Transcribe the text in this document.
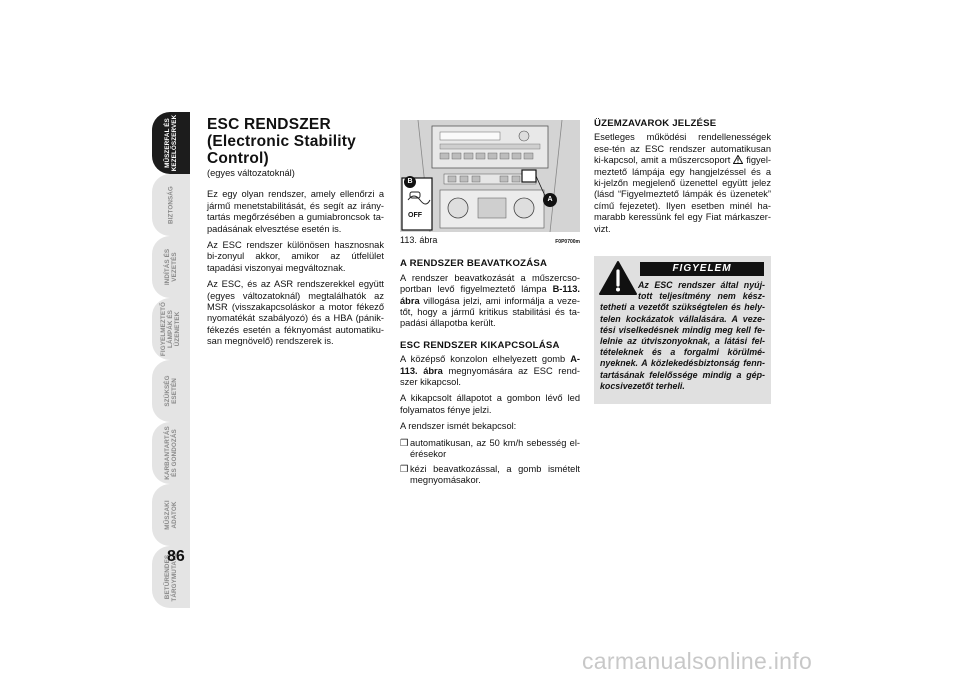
MŰSZERFAL ÉS
KEZELŐSZERVEK
BIZTONSÁG
INDÍTÁS ÉS
VEZETÉS
FIGYELMEZTETŐ
LÁMPÁK ÉS
ÜZENETEK
SZÜKSÉG
ESETÉN
KARBANTARTÁS
ÉS GONDOZÁS
MŰSZAKI
ADATOK
BETŰRENDES
TÁRGYMUTATÓ
86
ESC RENDSZER (Electronic Stability Control)
(egyes változatoknál)

Ez egy olyan rendszer, amely ellenőrzi a jármű menetstabilitását, és segít az irány-tartás megőrzésében a gumiabroncsok ta-padásának elvesztése esetén is.

Az ESC rendszer különösen hasznosnak bi-zonyul akkor, amikor az útfelület tapadási viszonyai megváltoznak.

Az ESC, és az ASR rendszerekkel együtt (egyes változatoknál) megtalálhatók az MSR (visszakapcsoláskor a motor fékező nyomatékát szabályozó) és a HBA (pánik-fékezés esetén a féknyomást automatiku-san megnövelő) rendszerek is.

A
B
OFF
113. ábra	F0P0700m
A RENDSZER BEAVATKOZÁSA

A rendszer beavatkozását a műszercso-portban levő figyelmeztető lámpa B-113. ábra villogása jelzi, ami informálja a veze-tőt, hogy a jármű kritikus stabilitási és ta-padási állapotba került.

ESC RENDSZER KIKAPCSOLÁSA

A középső konzolon elhelyezett gomb A-113. ábra megnyomására az ESC rend-szer kikapcsol.

A kikapcsolt állapotot a gombon lévő led folyamatos fénye jelzi.

A rendszer ismét bekapcsol:

❒ automatikusan, az 50 km/h sebesség el-érésekor
❒ kézi beavatkozással, a gomb ismételt megnyomásakor.
ÜZEMZAVAROK JELZÉSE

Esetleges működési rendellenességek ese-tén az ESC rendszer automatikusan ki-kapcsol, amit a műszercsoport  figyel-meztető lámpája egy hangjelzéssel és a ki-jelzőn megjelenő üzenettel együtt jelez (lásd “Figyelmeztető lámpák és üzenetek” című fejezetet). Ilyen esetben minél ha-marabb keressünk fel egy Fiat márkaszer-vizt.

FIGYELEM
Az ESC rendszer által nyúj-tott teljesítmény nem kész-tetheti a vezetőt szükségtelen és hely-telen kockázatok vállalására. A veze-tési viselkedésnek mindig meg kell fe-lelnie az útviszonyoknak, a látási fel-tételeknek és a forgalmi körülmé-nyeknek. A közlekedésbiztonság fenn-tartásának felelőssége mindig a gép-kocsivezetőt terheli.
carmanualsonline.info
